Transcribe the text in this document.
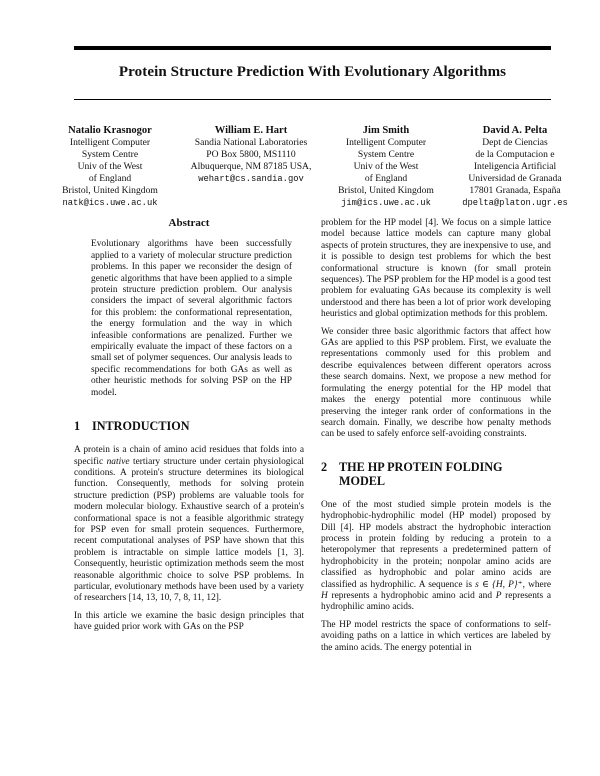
Protein Structure Prediction With Evolutionary Algorithms
Natalio Krasnogor
Intelligent Computer
System Centre
Univ of the West
of England
Bristol, United Kingdom
natk@ics.uwe.ac.uk
William E. Hart
Sandia National Laboratories
PO Box 5800, MS1110
Albuquerque, NM 87185 USA,
wehart@cs.sandia.gov
Jim Smith
Intelligent Computer
System Centre
Univ of the West
of England
Bristol, United Kingdom
jim@ics.uwe.ac.uk
David A. Pelta
Dept de Ciencias
de la Computacion e
Inteligencia Artificial
Universidad de Granada
17801 Granada, España
dpelta@platon.ugr.es
Abstract

Evolutionary algorithms have been successfully applied to a variety of molecular structure prediction problems. In this paper we reconsider the design of genetic algorithms that have been applied to a simple protein structure prediction problem. Our analysis considers the impact of several algorithmic factors for this problem: the conformational representation, the energy formulation and the way in which infeasible conformations are penalized. Further we empirically evaluate the impact of these factors on a small set of polymer sequences. Our analysis leads to specific recommendations for both GAs as well as other heuristic methods for solving PSP on the HP model.

1 INTRODUCTION

A protein is a chain of amino acid residues that folds into a specific native tertiary structure under certain physiological conditions. A protein's structure determines its biological function. Consequently, methods for solving protein structure prediction (PSP) problems are valuable tools for modern molecular biology. Exhaustive search of a protein's conformational space is not a feasible algorithmic strategy for PSP even for small protein sequences. Furthermore, recent computational analyses of PSP have shown that this problem is intractable on simple lattice models [1, 3]. Consequently, heuristic optimization methods seem the most reasonable algorithmic choice to solve PSP problems. In particular, evolutionary methods have been used by a variety of researchers [14, 13, 10, 7, 8, 11, 12].

In this article we examine the basic design principles that have guided prior work with GAs on the PSP

problem for the HP model [4]. We focus on a simple lattice model because lattice models can capture many global aspects of protein structures, they are inexpensive to use, and it is possible to design test problems for which the best conformational structure is known (for small protein sequences). The PSP problem for the HP model is a good test problem for evaluating GAs because its complexity is well understood and there has been a lot of prior work developing heuristics and global optimization methods for this problem.

We consider three basic algorithmic factors that affect how GAs are applied to this PSP problem. First, we evaluate the representations commonly used for this problem and describe equivalences between different operators across these search domains. Next, we propose a new method for formulating the energy potential for the HP model that makes the energy potential more continuous while preserving the integer rank order of conformations in the search domain. Finally, we describe how penalty methods can be used to safely enforce self-avoiding constraints.

2 THE HP PROTEIN FOLDING
MODEL

One of the most studied simple protein models is the hydrophobic-hydrophilic model (HP model) proposed by Dill [4]. HP models abstract the hydrophobic interaction process in protein folding by reducing a protein to a heteropolymer that represents a predetermined pattern of hydrophobicity in the protein; nonpolar amino acids are classified as hydrophobic and polar amino acids are classified as hydrophilic. A sequence is s ∈ {H, P}⁺, where H represents a hydrophobic amino acid and P represents a hydrophilic amino acids.

The HP model restricts the space of conformations to self-avoiding paths on a lattice in which vertices are labeled by the amino acids. The energy potential in
